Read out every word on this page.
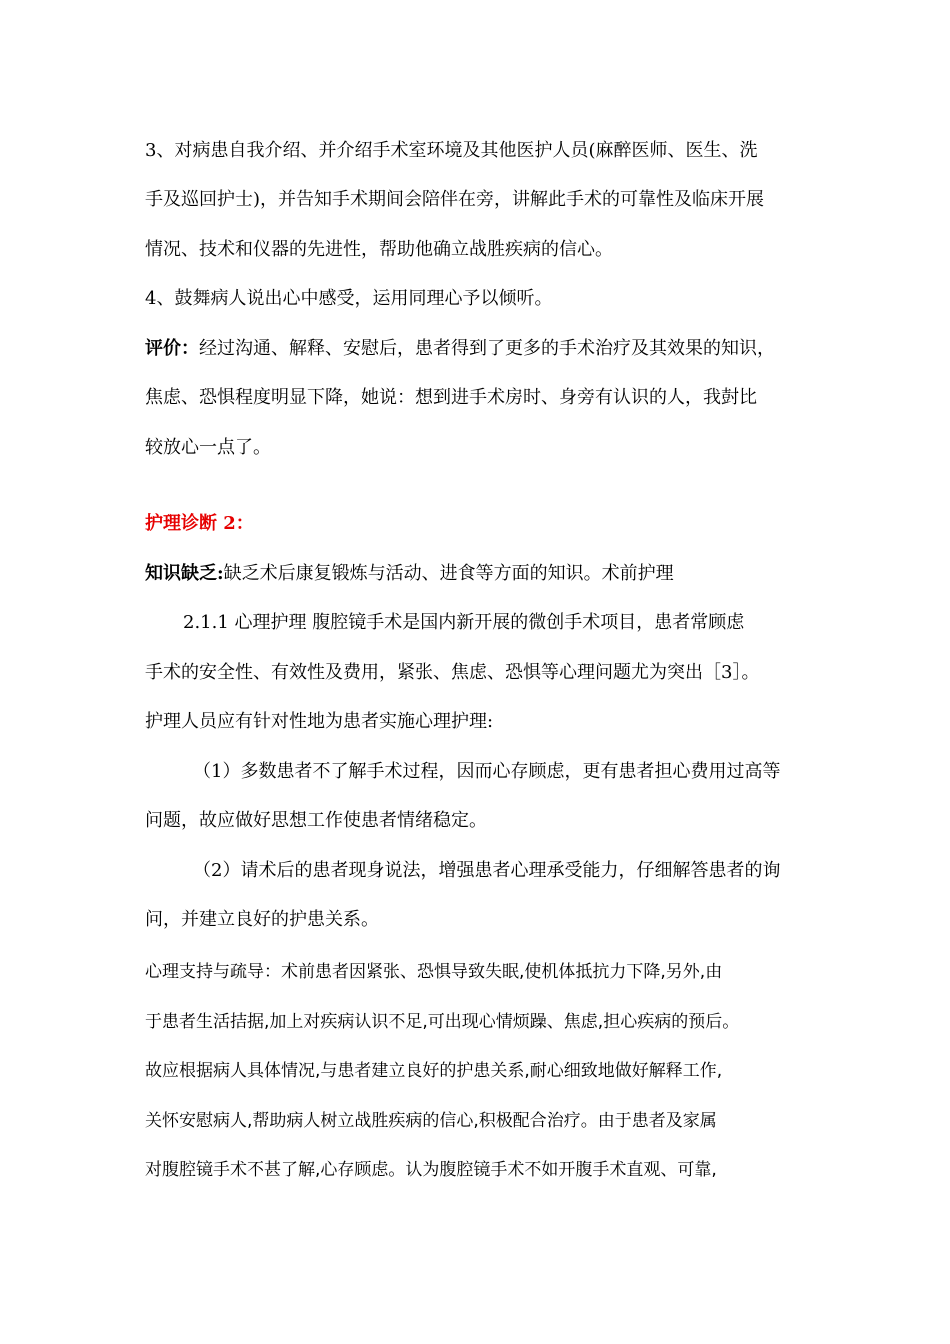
3、对病患自我介绍、并介绍手术室环境及其他医护人员(麻醉医师、医生、洗
手及巡回护士)，并告知手术期间会陪伴在旁，讲解此手术的可靠性及临床开展
情况、技术和仪器的先进性，帮助他确立战胜疾病的信心。
4、鼓舞病人说出心中感受，运用同理心予以倾听。
评价：经过沟通、解释、安慰后，患者得到了更多的手术治疗及其效果的知识，
焦虑、恐惧程度明显下降，她说：想到进手术房时、身旁有认识的人，我尌比
较放心一点了。
护理诊断 2：
知识缺乏:缺乏术后康复锻炼与活动、进食等方面的知识。术前护理
2.1.1 心理护理 腹腔镜手术是国内新开展的微创手术项目，患者常顾虑
手术的安全性、有效性及费用，紧张、焦虑、恐惧等心理问题尤为突出［3］。
护理人员应有针对性地为患者实施心理护理:
（1）多数患者不了解手术过程，因而心存顾虑，更有患者担心费用过高等
问题，故应做好思想工作使患者情绪稳定。
（2）请术后的患者现身说法，增强患者心理承受能力，仔细解答患者的询
问，并建立良好的护患关系。
心理支持与疏导：术前患者因紧张、恐惧导致失眠,使机体抵抗力下降,另外,由
于患者生活拮据,加上对疾病认识不足,可出现心情烦躁、焦虑,担心疾病的预后。
故应根据病人具体情况,与患者建立良好的护患关系,耐心细致地做好解释工作,
关怀安慰病人,帮助病人树立战胜疾病的信心,积极配合治疗。由于患者及家属
对腹腔镜手术不甚了解,心存顾虑。认为腹腔镜手术不如开腹手术直观、可靠,
